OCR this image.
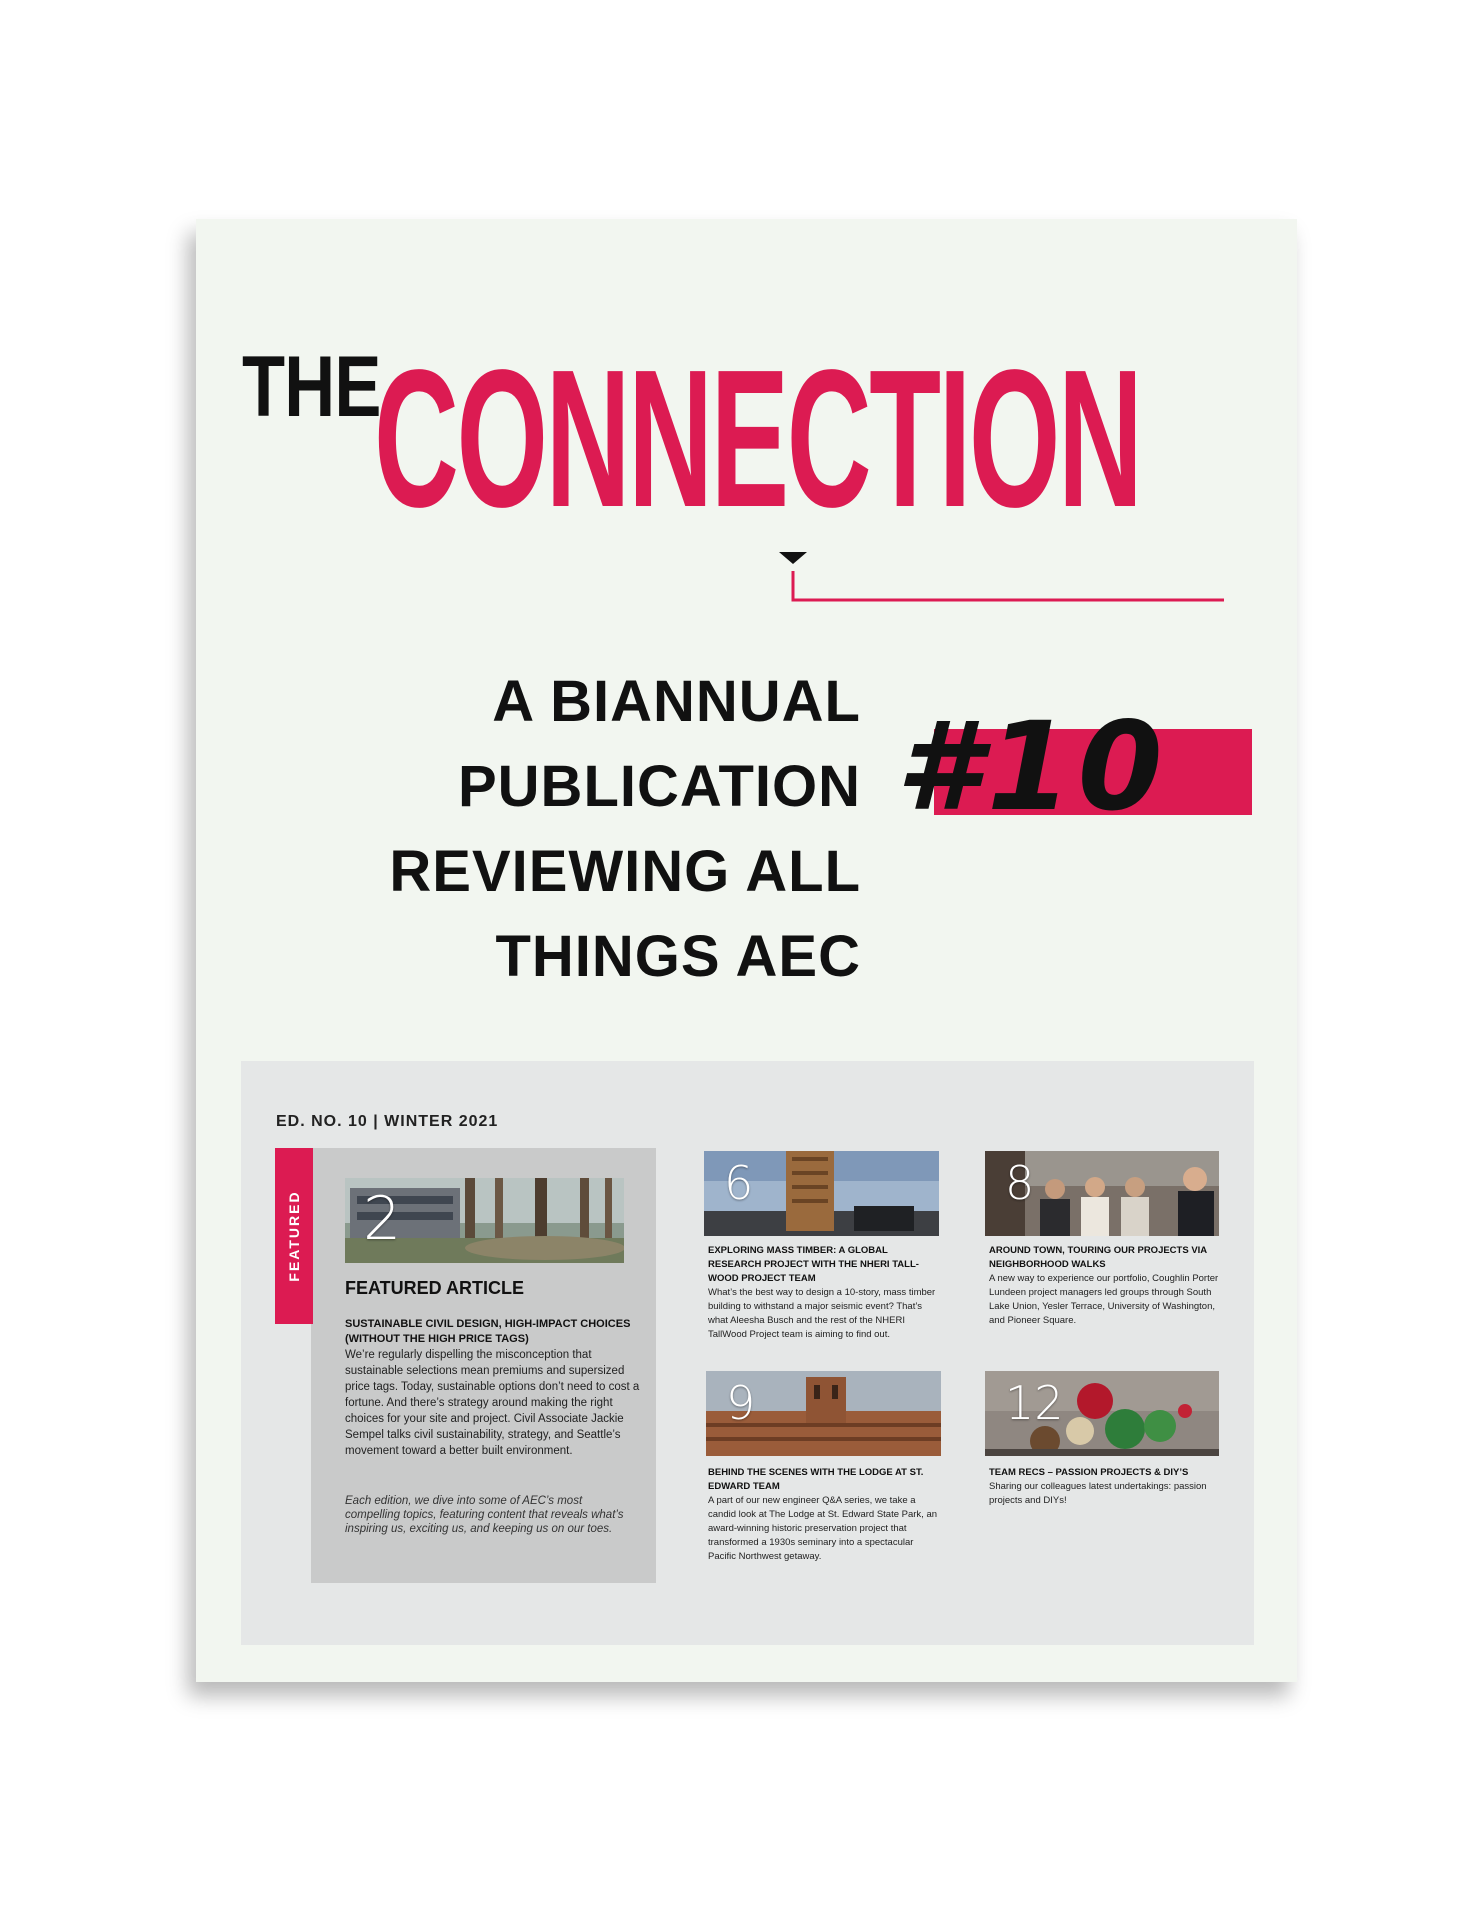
THE
CONNECTION
A BIANNUAL
PUBLICATION
REVIEWING ALL
THINGS AEC
#10
ED. NO. 10 | WINTER 2021
FEATURED 2
FEATURED ARTICLE
SUSTAINABLE CIVIL DESIGN, HIGH-IMPACT CHOICES (WITHOUT THE HIGH PRICE TAGS)
We’re regularly dispelling the misconception that sustainable selections mean premiums and supersized price tags. Today, sustainable options don’t need to cost a fortune. And there’s strategy around making the right choices for your site and project. Civil Associate Jackie Sempel talks civil sustainability, strategy, and Seattle’s movement toward a better built environment.
Each edition, we dive into some of AEC’s most compelling topics, featuring content that reveals what’s inspiring us, exciting us, and keeping us on our toes.
6
EXPLORING MASS TIMBER: A GLOBAL RESEARCH PROJECT WITH THE NHERI TALL-WOOD PROJECT TEAM
What’s the best way to design a 10-story, mass timber building to withstand a major seismic event? That’s what Aleesha Busch and the rest of the NHERI TallWood Project team is aiming to find out.
8
AROUND TOWN, TOURING OUR PROJECTS VIA NEIGHBORHOOD WALKS
A new way to experience our portfolio, Coughlin Porter Lundeen project managers led groups through South Lake Union, Yesler Terrace, University of Washington, and Pioneer Square.
9
BEHIND THE SCENES WITH THE LODGE AT ST. EDWARD TEAM
A part of our new engineer Q&A series, we take a candid look at The Lodge at St. Edward State Park, an award-winning historic preservation project that transformed a 1930s seminary into a spectacular Pacific Northwest getaway.
12
TEAM RECS – PASSION PROJECTS & DIY’S
Sharing our colleagues latest undertakings: passion projects and DIYs!
